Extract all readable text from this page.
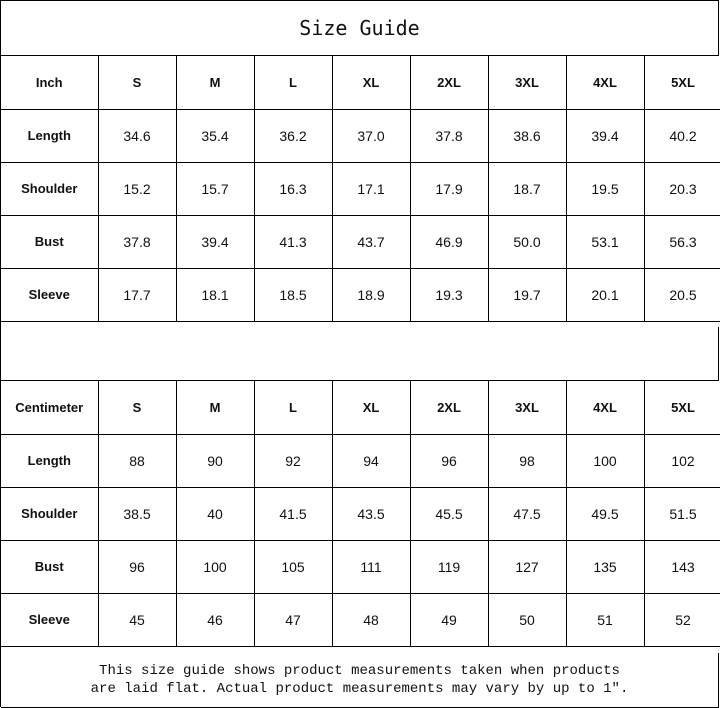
Size Guide
Inch	S	M	L	XL	2XL	3XL	4XL	5XL
Length	34.6	35.4	36.2	37.0	37.8	38.6	39.4	40.2
Shoulder	15.2	15.7	16.3	17.1	17.9	18.7	19.5	20.3
Bust	37.8	39.4	41.3	43.7	46.9	50.0	53.1	56.3
Sleeve	17.7	18.1	18.5	18.9	19.3	19.7	20.1	20.5
Centimeter	S	M	L	XL	2XL	3XL	4XL	5XL
Length	88	90	92	94	96	98	100	102
Shoulder	38.5	40	41.5	43.5	45.5	47.5	49.5	51.5
Bust	96	100	105	111	119	127	135	143
Sleeve	45	46	47	48	49	50	51	52
This size guide shows product measurements taken when products
are laid flat. Actual product measurements may vary by up to 1″.
